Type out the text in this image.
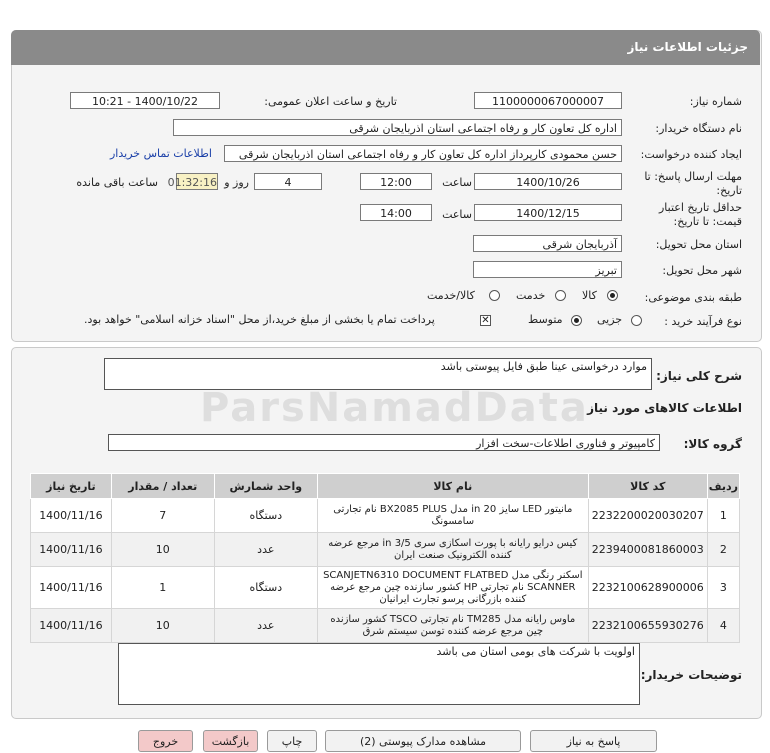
جزئیات اطلاعات نیاز
شماره نیاز:
1100000067000007
تاریخ و ساعت اعلان عمومی:
1400/10/22 - 10:21
نام دستگاه خریدار:
اداره کل تعاون کار و رفاه اجتماعی استان اذربایجان شرقی
ایجاد کننده درخواست:
حسن محمودی کارپرداز اداره کل تعاون کار و رفاه اجتماعی استان اذربایجان شرقی
اطلاعات تماس خریدار
مهلت ارسال پاسخ: تا
تاریخ:
1400/10/26
ساعت
12:00
4
روز و
01:32:16
ساعت باقی مانده
حداقل تاریخ اعتبار
قیمت: تا تاریخ:
1400/12/15
ساعت
14:00
استان محل تحویل:
آذربایجان شرقی
شهر محل تحویل:
تبریز
طبقه بندی موضوعی:
کالا
خدمت
کالا/خدمت
نوع فرآیند خرید :
جزیی
متوسط
✕
پرداخت تمام یا بخشی از مبلغ خرید،از محل "اسناد خزانه اسلامی" خواهد بود.
شرح کلی نیاز:
موارد درخواستی عینا طبق فایل پیوستی باشد
اطلاعات کالاهای مورد نیاز
ParsNamadData
گروه کالا:
کامپیوتر و فناوری اطلاعات-سخت افزار
ردیف	کد کالا	نام کالا	واحد شمارش	تعداد / مقدار	تاریخ نیاز
1	2232200020030207	مانیتور LED سایز 20 in مدل BX2085 PLUS نام تجارتی سامسونگ	دستگاه	7	1400/11/16
2	2239400081860003	کیس درایو رایانه با پورت اسکازی سری 3/5 in مرجع عرضه کننده الکترونیک صنعت ایران	عدد	10	1400/11/16
3	2232100628900006	اسکنر رنگی مدل SCANJETN6310 DOCUMENT FLATBED SCANNER نام تجارتی HP کشور سازنده چین مرجع عرضه کننده بازرگانی پرسو تجارت ایرانیان	دستگاه	1	1400/11/16
4	2232100655930276	ماوس رایانه مدل TM285 نام تجارتی TSCO کشور سازنده چین مرجع عرضه کننده توسن سیستم شرق	عدد	10	1400/11/16
توضیحات خریدار:
اولویت با شرکت های بومی استان می باشد
پاسخ به نیاز
مشاهده مدارک پیوستی (2)
چاپ
بازگشت
خروج
